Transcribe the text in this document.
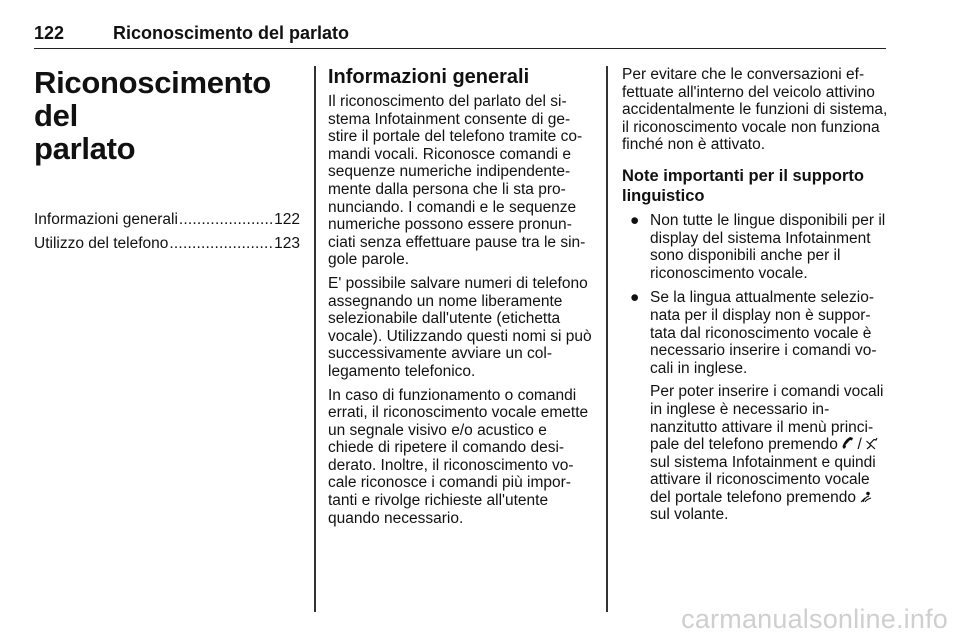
122	Riconoscimento del parlato
Riconoscimento del
parlato
Informazioni generali .....	122
Utilizzo del telefono .....	123
Informazioni generali

Il riconoscimento del parlato del sistema Infotainment consente di gestire il portale del telefono tramite comandi vocali. Riconosce comandi e sequenze numeriche indipendentemente dalla persona che li sta pronunciando. I comandi e le sequenze numeriche possono essere pronunciati senza effettuare pause tra le singole parole.

E' possibile salvare numeri di telefono assegnando un nome liberamente selezionabile dall'utente (etichetta vocale). Utilizzando questi nomi si può successivamente avviare un collegamento telefonico.

In caso di funzionamento o comandi errati, il riconoscimento vocale emette un segnale visivo e/o acustico e chiede di ripetere il comando desiderato. Inoltre, il riconoscimento vocale riconosce i comandi più importanti e rivolge richieste all'utente quando necessario.

Per evitare che le conversazioni effettuate all'interno del veicolo attivino accidentalmente le funzioni di sistema, il riconoscimento vocale non funziona finché non è attivato.

Note importanti per il supporto linguistico
● Non tutte le lingue disponibili per il display del sistema Infotainment sono disponibili anche per il riconoscimento vocale.
● Se la lingua attualmente selezionata per il display non è supportata dal riconoscimento vocale è necessario inserire i comandi vocali in inglese.
Per poter inserire i comandi vocali in inglese è necessario innanzitutto attivare il menù principale del telefono premendo  /  sul sistema Infotainment e quindi attivare il riconoscimento vocale del portale telefono premendo  sul volante.
carmanualsonline.info
